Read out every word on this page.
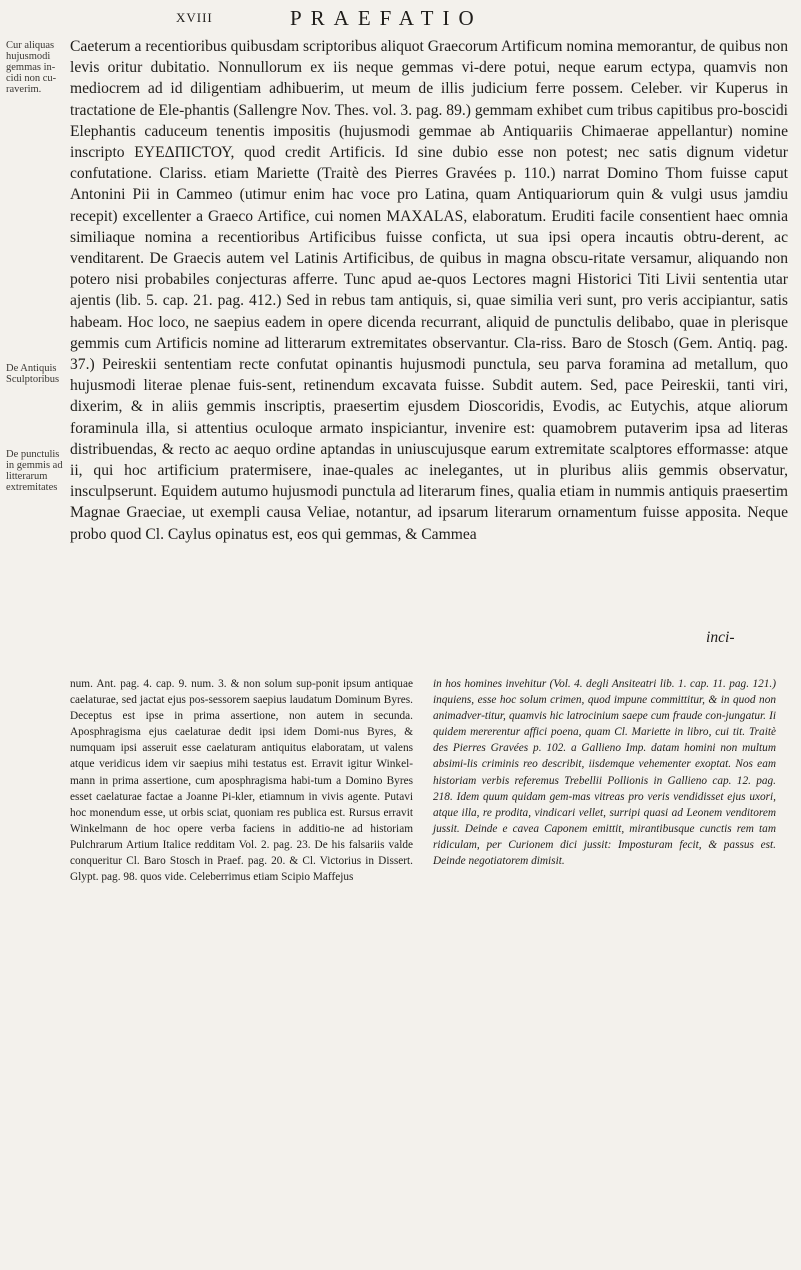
XVIII	PRAEFATIO
Cur aliquas hujusmodi gemmas in-cidi non cu-raverim.
De Antiquis Sculptoribus
De punctulis in gemmis ad litterarum extremitates

Caeterum a recentioribus quibusdam scriptoribus aliquot Graecorum Artificum nomina memorantur, de quibus non levis oritur dubitatio. Nonnullorum ex iis neque gemmas vi-dere potui, neque earum ectypa, quamvis non mediocrem ad id diligentiam adhibuerim, ut meum de illis judicium ferre possem. Celeber. vir Kuperus in tractatione de Ele-phantis (Sallengre Nov. Thes. vol. 3. pag. 89.) gemmam exhibet cum tribus capitibus pro-boscidi Elephantis caduceum tenentis impositis (hujusmodi gemmae ab Antiquariis Chimaerae appellantur) nomine inscripto ΕΥΕΔΠΙCΤΟΥ, quod credit Artificis. Id sine dubio esse non potest; nec satis dignum videtur confutatione. Clariss. etiam Mariette (Traitè des Pierres Gravées p. 110.) narrat Domino Thom fuisse caput Antonini Pii in Cammeo (utimur enim hac voce pro Latina, quam Antiquariorum quin & vulgi usus jamdiu recepit) excellenter a Graeco Artifice, cui nomen MAXALAS, elaboratum. Eruditi facile consentient haec omnia similiaque nomina a recentioribus Artificibus fuisse conficta, ut sua ipsi opera incautis obtru-derent, ac venditarent. De Graecis autem vel Latinis Artificibus, de quibus in magna obscu-ritate versamur, aliquando non potero nisi probabiles conjecturas afferre. Tunc apud ae-quos Lectores magni Historici Titi Livii sententia utar ajentis (lib. 5. cap. 21. pag. 412.) Sed in rebus tam antiquis, si, quae similia veri sunt, pro veris accipiantur, satis habeam. Hoc loco, ne saepius eadem in opere dicenda recurrant, aliquid de punctulis delibabo, quae in plerisque gemmis cum Artificis nomine ad litterarum extremitates observantur. Cla-riss. Baro de Stosch (Gem. Antiq. pag. 37.) Peireskii sententiam recte confutat opinantis hujusmodi punctula, seu parva foramina ad metallum, quo hujusmodi literae plenae fuis-sent, retinendum excavata fuisse. Subdit autem. Sed, pace Peireskii, tanti viri, dixerim, & in aliis gemmis inscriptis, praesertim ejusdem Dioscoridis, Evodis, ac Eutychis, atque aliorum foraminula illa, si attentius oculoque armato inspiciantur, invenire est: quamobrem putaverim ipsa ad literas distribuendas, & recto ac aequo ordine aptandas in uniuscujusque earum extremitate scalptores efformasse: atque ii, qui hoc artificium pratermisere, inae-quales ac inelegantes, ut in pluribus aliis gemmis observatur, insculpserunt. Equidem autumo hujusmodi punctula ad literarum fines, qualia etiam in nummis antiquis praesertim Magnae Graeciae, ut exempli causa Veliae, notantur, ad ipsarum literarum ornamentum fuisse apposita. Neque probo quod Cl. Caylus opinatus est, eos qui gemmas, & Cammea

inci-

num. Ant. pag. 4. cap. 9. num. 3. & non solum sup-ponit ipsum antiquae caelaturae, sed jactat ejus pos-sessorem saepius laudatum Dominum Byres. Deceptus est ipse in prima assertione, non autem in secunda. Aposphragisma ejus caelaturae dedit ipsi idem Domi-nus Byres, & numquam ipsi asseruit esse caelaturam antiquitus elaboratam, ut valens atque veridicus idem vir saepius mihi testatus est. Erravit igitur Winkel-mann in prima assertione, cum aposphragisma habi-tum a Domino Byres esset caelaturae factae a Joanne Pi-kler, etiamnum in vivis agente. Putavi hoc monendum esse, ut orbis sciat, quoniam res publica est. Rursus erravit Winkelmann de hoc opere verba faciens in additio-ne ad historiam Pulchrarum Artium Italice redditam Vol. 2. pag. 23. De his falsariis valde conqueritur Cl. Baro Stosch in Praef. pag. 20. & Cl. Victorius in Dissert. Glypt. pag. 98. quos vide. Celeberrimus etiam Scipio Maffejus

in hos homines invehitur (Vol. 4. degli Ansiteatri lib. 1. cap. 11. pag. 121.) inquiens, esse hoc solum crimen, quod impune committitur, & in quod non animadver-titur, quamvis hic latrocinium saepe cum fraude con-jungatur. Ii quidem mererentur affici poena, quam Cl. Mariette in libro, cui tit. Traitè des Pierres Gravées p. 102. a Gallieno Imp. datam homini non multum absimi-lis criminis reo describit, iisdemque vehementer exoptat. Nos eam historiam verbis referemus Trebellii Pollionis in Gallieno cap. 12. pag. 218. Idem quum quidam gem-mas vitreas pro veris vendidisset ejus uxori, atque illa, re prodita, vindicari vellet, surripi quasi ad Leonem venditorem jussit. Deinde e cavea Caponem emittit, mirantibusque cunctis rem tam ridiculam, per Curionem dici jussit: Imposturam fecit, & passus est. Deinde negotiatorem dimisit.
